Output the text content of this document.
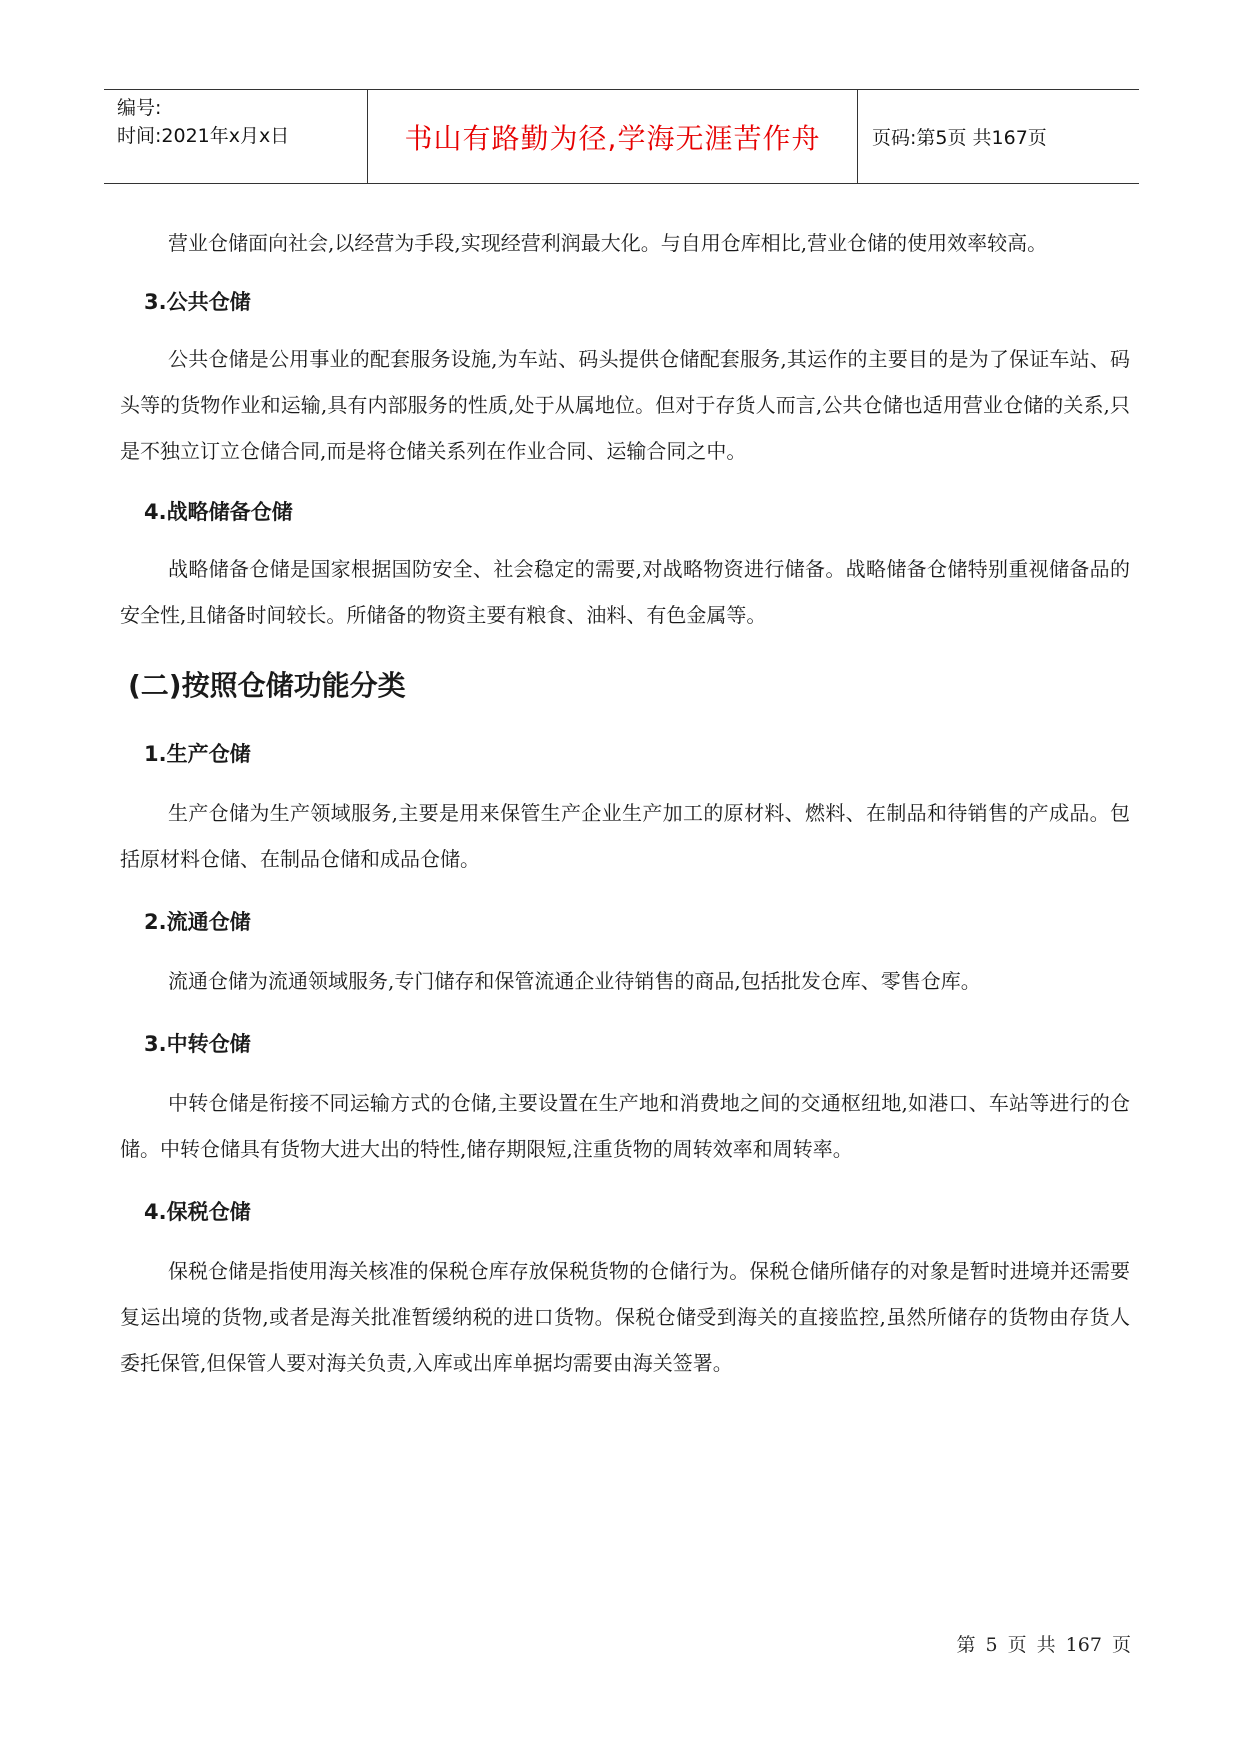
编号:
时间:2021年x月x日	书山有路勤为径,学海无涯苦作舟	页码:第5页 共167页

营业仓储面向社会,以经营为手段,实现经营利润最大化。与自用仓库相比,营业仓储的使用效率较高。

3.公共仓储

公共仓储是公用事业的配套服务设施,为车站、码头提供仓储配套服务,其运作的主要目的是为了保证车站、码头等的货物作业和运输,具有内部服务的性质,处于从属地位。但对于存货人而言,公共仓储也适用营业仓储的关系,只是不独立订立仓储合同,而是将仓储关系列在作业合同、运输合同之中。

4.战略储备仓储

战略储备仓储是国家根据国防安全、社会稳定的需要,对战略物资进行储备。战略储备仓储特别重视储备品的安全性,且储备时间较长。所储备的物资主要有粮食、油料、有色金属等。

(二)按照仓储功能分类
1.生产仓储

生产仓储为生产领域服务,主要是用来保管生产企业生产加工的原材料、燃料、在制品和待销售的产成品。包括原材料仓储、在制品仓储和成品仓储。

2.流通仓储

流通仓储为流通领域服务,专门储存和保管流通企业待销售的商品,包括批发仓库、零售仓库。

3.中转仓储

中转仓储是衔接不同运输方式的仓储,主要设置在生产地和消费地之间的交通枢纽地,如港口、车站等进行的仓储。中转仓储具有货物大进大出的特性,储存期限短,注重货物的周转效率和周转率。

4.保税仓储

保税仓储是指使用海关核准的保税仓库存放保税货物的仓储行为。保税仓储所储存的对象是暂时进境并还需要复运出境的货物,或者是海关批准暂缓纳税的进口货物。保税仓储受到海关的直接监控,虽然所储存的货物由存货人委托保管,但保管人要对海关负责,入库或出库单据均需要由海关签署。

第 5 页 共 167 页
